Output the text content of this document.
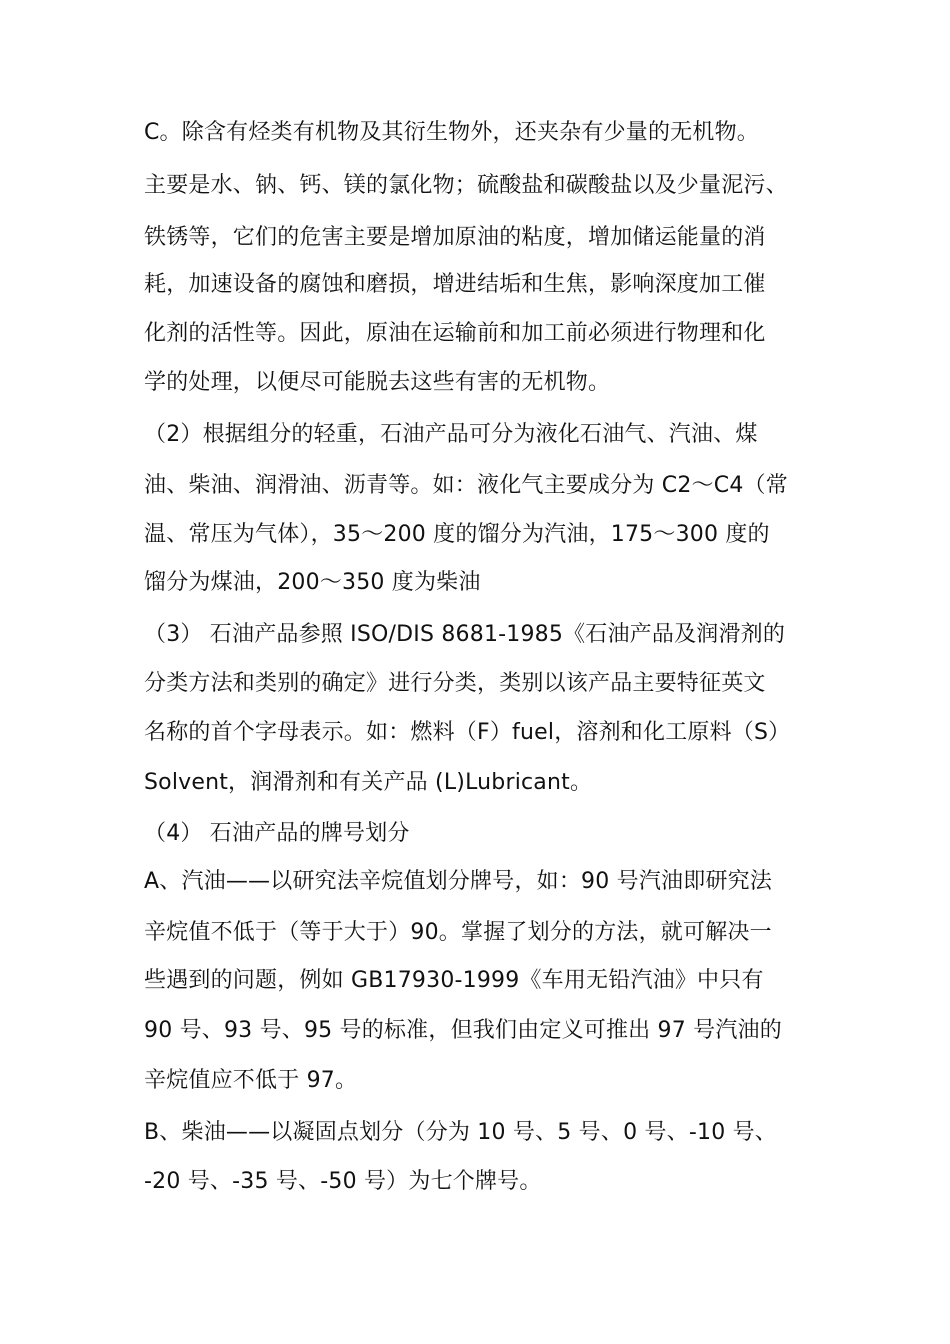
C。除含有烃类有机物及其衍生物外，还夹杂有少量的无机物。
主要是水、钠、钙、镁的氯化物；硫酸盐和碳酸盐以及少量泥污、
铁锈等，它们的危害主要是增加原油的粘度，增加储运能量的消
耗，加速设备的腐蚀和磨损，增进结垢和生焦，影响深度加工催
化剂的活性等。因此，原油在运输前和加工前必须进行物理和化
学的处理，以便尽可能脱去这些有害的无机物。
（2）根据组分的轻重，石油产品可分为液化石油气、汽油、煤
油、柴油、润滑油、沥青等。如：液化气主要成分为 C2～C4（常
温、常压为气体），35～200 度的馏分为汽油，175～300 度的
馏分为煤油，200～350 度为柴油
（3） 石油产品参照 ISO/DIS 8681-1985《石油产品及润滑剂的
分类方法和类别的确定》进行分类，类别以该产品主要特征英文
名称的首个字母表示。如：燃料（F）fuel，溶剂和化工原料（S）
Solvent，润滑剂和有关产品 (L)Lubricant。
（4） 石油产品的牌号划分
A、汽油——以研究法辛烷值划分牌号，如：90 号汽油即研究法
辛烷值不低于（等于大于）90。掌握了划分的方法，就可解决一
些遇到的问题，例如 GB17930-1999《车用无铅汽油》中只有
90 号、93 号、95 号的标准，但我们由定义可推出 97 号汽油的
辛烷值应不低于 97。
B、柴油——以凝固点划分（分为 10 号、5 号、0 号、-10 号、
-20 号、-35 号、-50 号）为七个牌号。
